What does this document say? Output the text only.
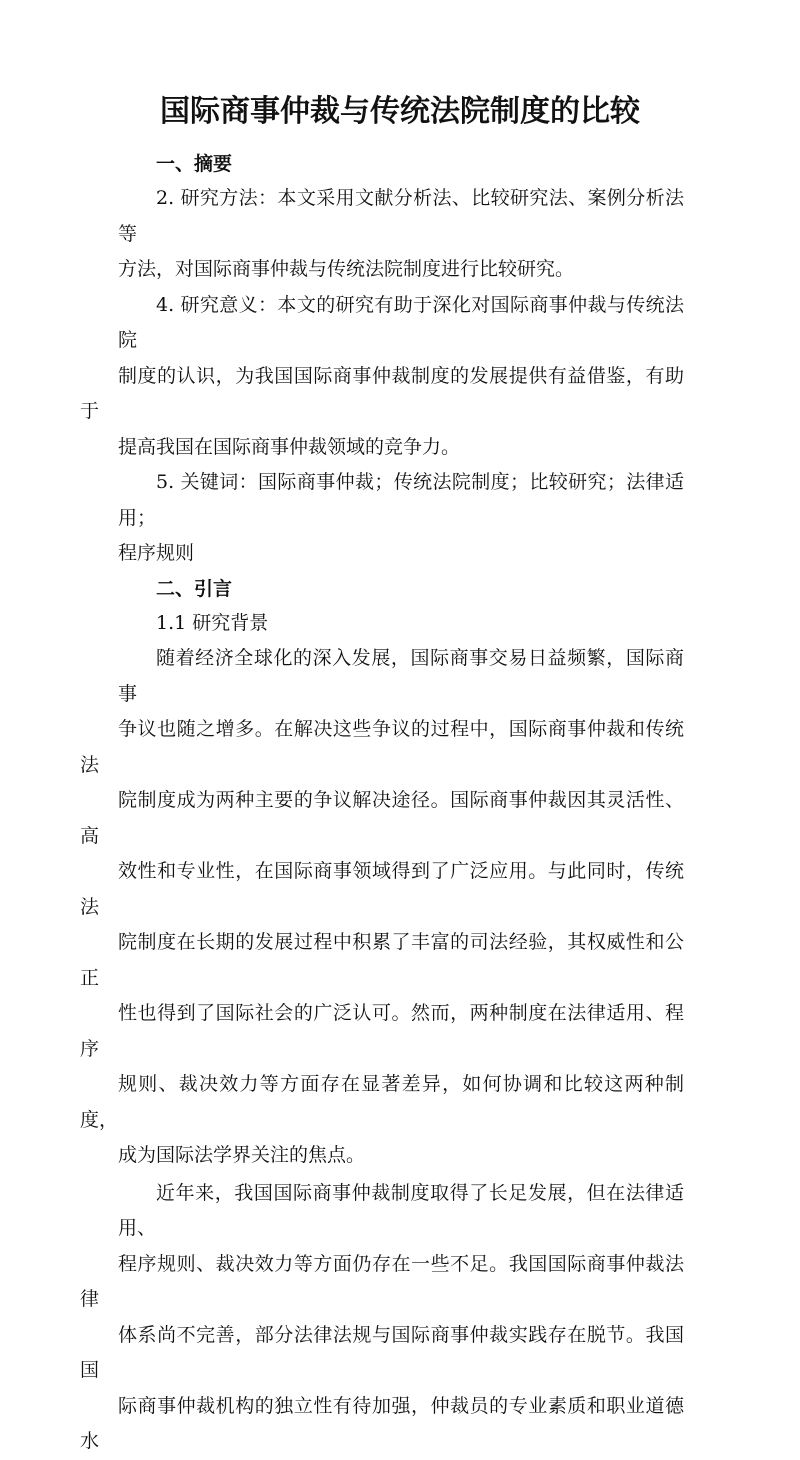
国际商事仲裁与传统法院制度的比较

一、摘要

2. 研究方法：本文采用文献分析法、比较研究法、案例分析法等
方法，对国际商事仲裁与传统法院制度进行比较研究。

4. 研究意义：本文的研究有助于深化对国际商事仲裁与传统法院
制度的认识，为我国国际商事仲裁制度的发展提供有益借鉴，有助于
提高我国在国际商事仲裁领域的竞争力。

5. 关键词：国际商事仲裁；传统法院制度；比较研究；法律适用；
程序规则

二、引言

1.1 研究背景

随着经济全球化的深入发展，国际商事交易日益频繁，国际商事
争议也随之增多。在解决这些争议的过程中，国际商事仲裁和传统法
院制度成为两种主要的争议解决途径。国际商事仲裁因其灵活性、高
效性和专业性，在国际商事领域得到了广泛应用。与此同时，传统法
院制度在长期的发展过程中积累了丰富的司法经验，其权威性和公正
性也得到了国际社会的广泛认可。然而，两种制度在法律适用、程序
规则、裁决效力等方面存在显著差异，如何协调和比较这两种制度，
成为国际法学界关注的焦点。

近年来，我国国际商事仲裁制度取得了长足发展，但在法律适用、
程序规则、裁决效力等方面仍存在一些不足。我国国际商事仲裁法律
体系尚不完善，部分法律法规与国际商事仲裁实践存在脱节。我国国
际商事仲裁机构的独立性有待加强，仲裁员的专业素质和职业道德水
